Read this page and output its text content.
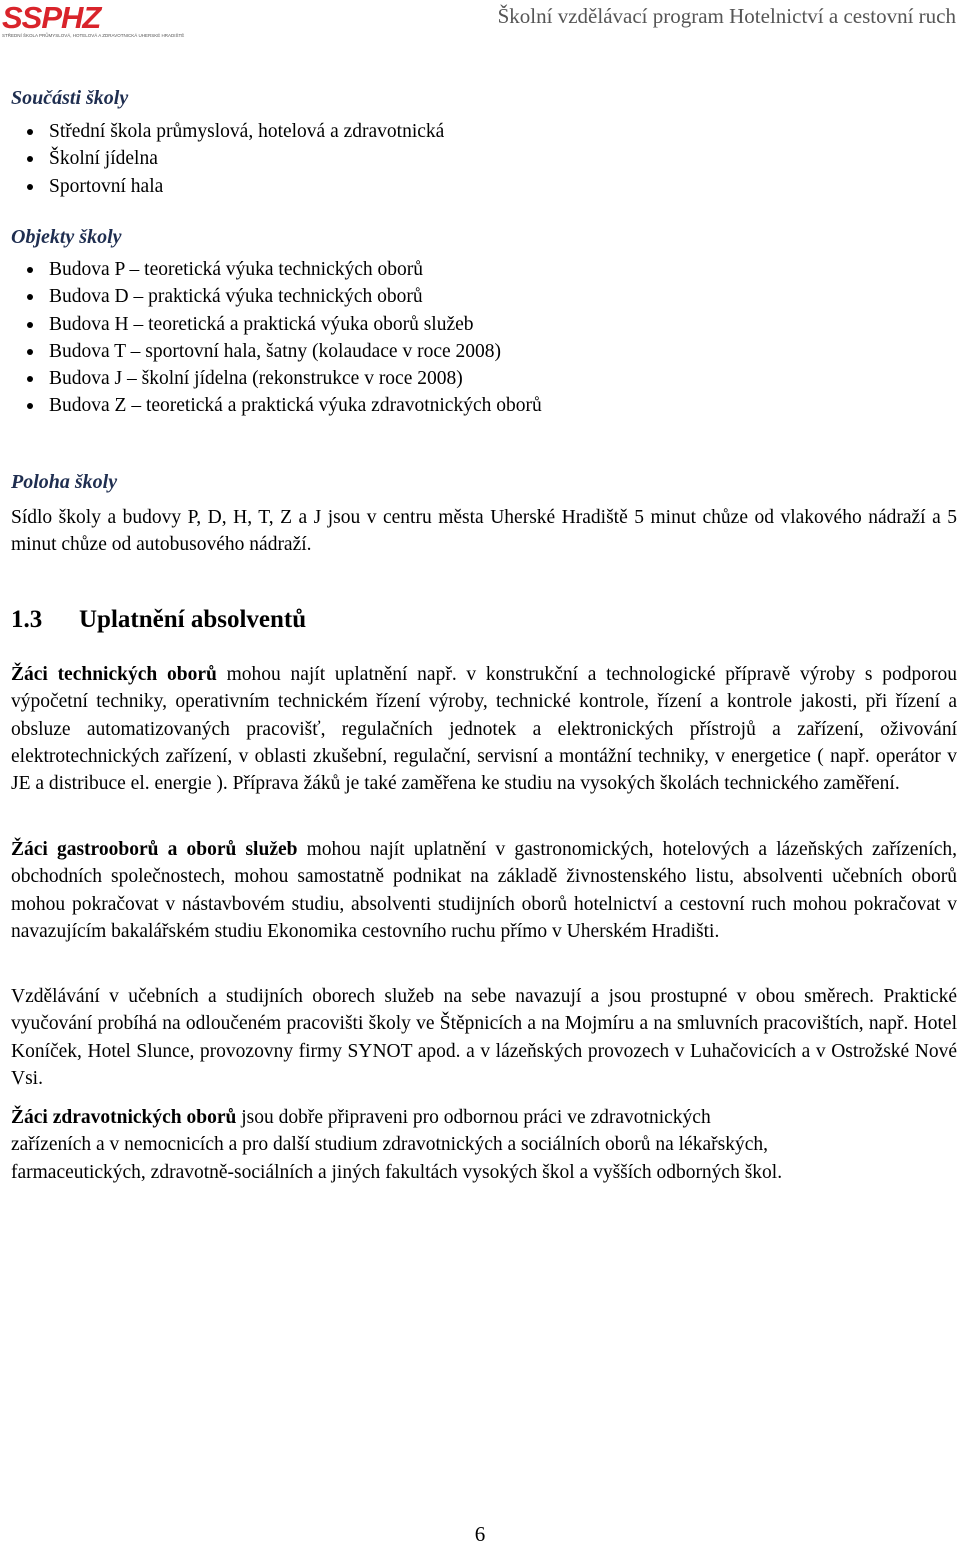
SSPHZ
STŘEDNÍ ŠKOLA PRŮMYSLOVÁ, HOTELOVÁ A ZDRAVOTNICKÁ UHERSKÉ HRADIŠTĚ
Školní vzdělávací program Hotelnictví a cestovní ruch
Součásti školy
Střední škola průmyslová, hotelová a zdravotnická
Školní jídelna
Sportovní hala
Objekty školy
Budova P – teoretická výuka technických oborů
Budova D – praktická výuka technických oborů
Budova H – teoretická a praktická výuka oborů služeb
Budova T – sportovní hala, šatny (kolaudace v roce 2008)
Budova J – školní jídelna (rekonstrukce v roce 2008)
Budova Z – teoretická a praktická výuka zdravotnických oborů
Poloha školy

Sídlo školy a budovy P, D, H, T, Z a J jsou v centru města Uherské Hradiště 5 minut chůze od vlakového nádraží a 5 minut chůze od autobusového nádraží.

1.3 Uplatnění absolventů

Žáci technických oborů mohou najít uplatnění např. v konstrukční a technologické přípravě výroby s podporou výpočetní techniky, operativním technickém řízení výroby, technické kontrole, řízení a kontrole jakosti, při řízení a obsluze automatizovaných pracovišť, regulačních jednotek a elektronických přístrojů a zařízení, oživování elektrotechnických zařízení, v oblasti zkušební, regulační, servisní a montážní techniky, v energetice ( např. operátor v JE a distribuce el. energie ). Příprava žáků je také zaměřena ke studiu na vysokých školách technického zaměření.

Žáci gastrooborů a oborů služeb mohou najít uplatnění v gastronomických, hotelových a lázeňských zařízeních, obchodních společnostech, mohou samostatně podnikat na základě živnostenského listu, absolventi učebních oborů mohou pokračovat v nástavbovém studiu, absolventi studijních oborů hotelnictví a cestovní ruch mohou pokračovat v navazujícím bakalářském studiu Ekonomika cestovního ruchu přímo v Uherském Hradišti.

Vzdělávání v učebních a studijních oborech služeb na sebe navazují a jsou prostupné v obou směrech. Praktické vyučování probíhá na odloučeném pracovišti školy ve Štěpnicích a na Mojmíru a na smluvních pracovištích, např. Hotel Koníček, Hotel Slunce, provozovny firmy SYNOT apod. a v lázeňských provozech v Luhačovicích a v Ostrožské Nové Vsi.

Žáci zdravotnických oborů jsou dobře připraveni pro odbornou práci ve zdravotnických
zařízeních a v nemocnicích a pro další studium zdravotnických a sociálních oborů na lékařských,
farmaceutických, zdravotně-sociálních a jiných fakultách vysokých škol a vyšších odborných škol.
6
